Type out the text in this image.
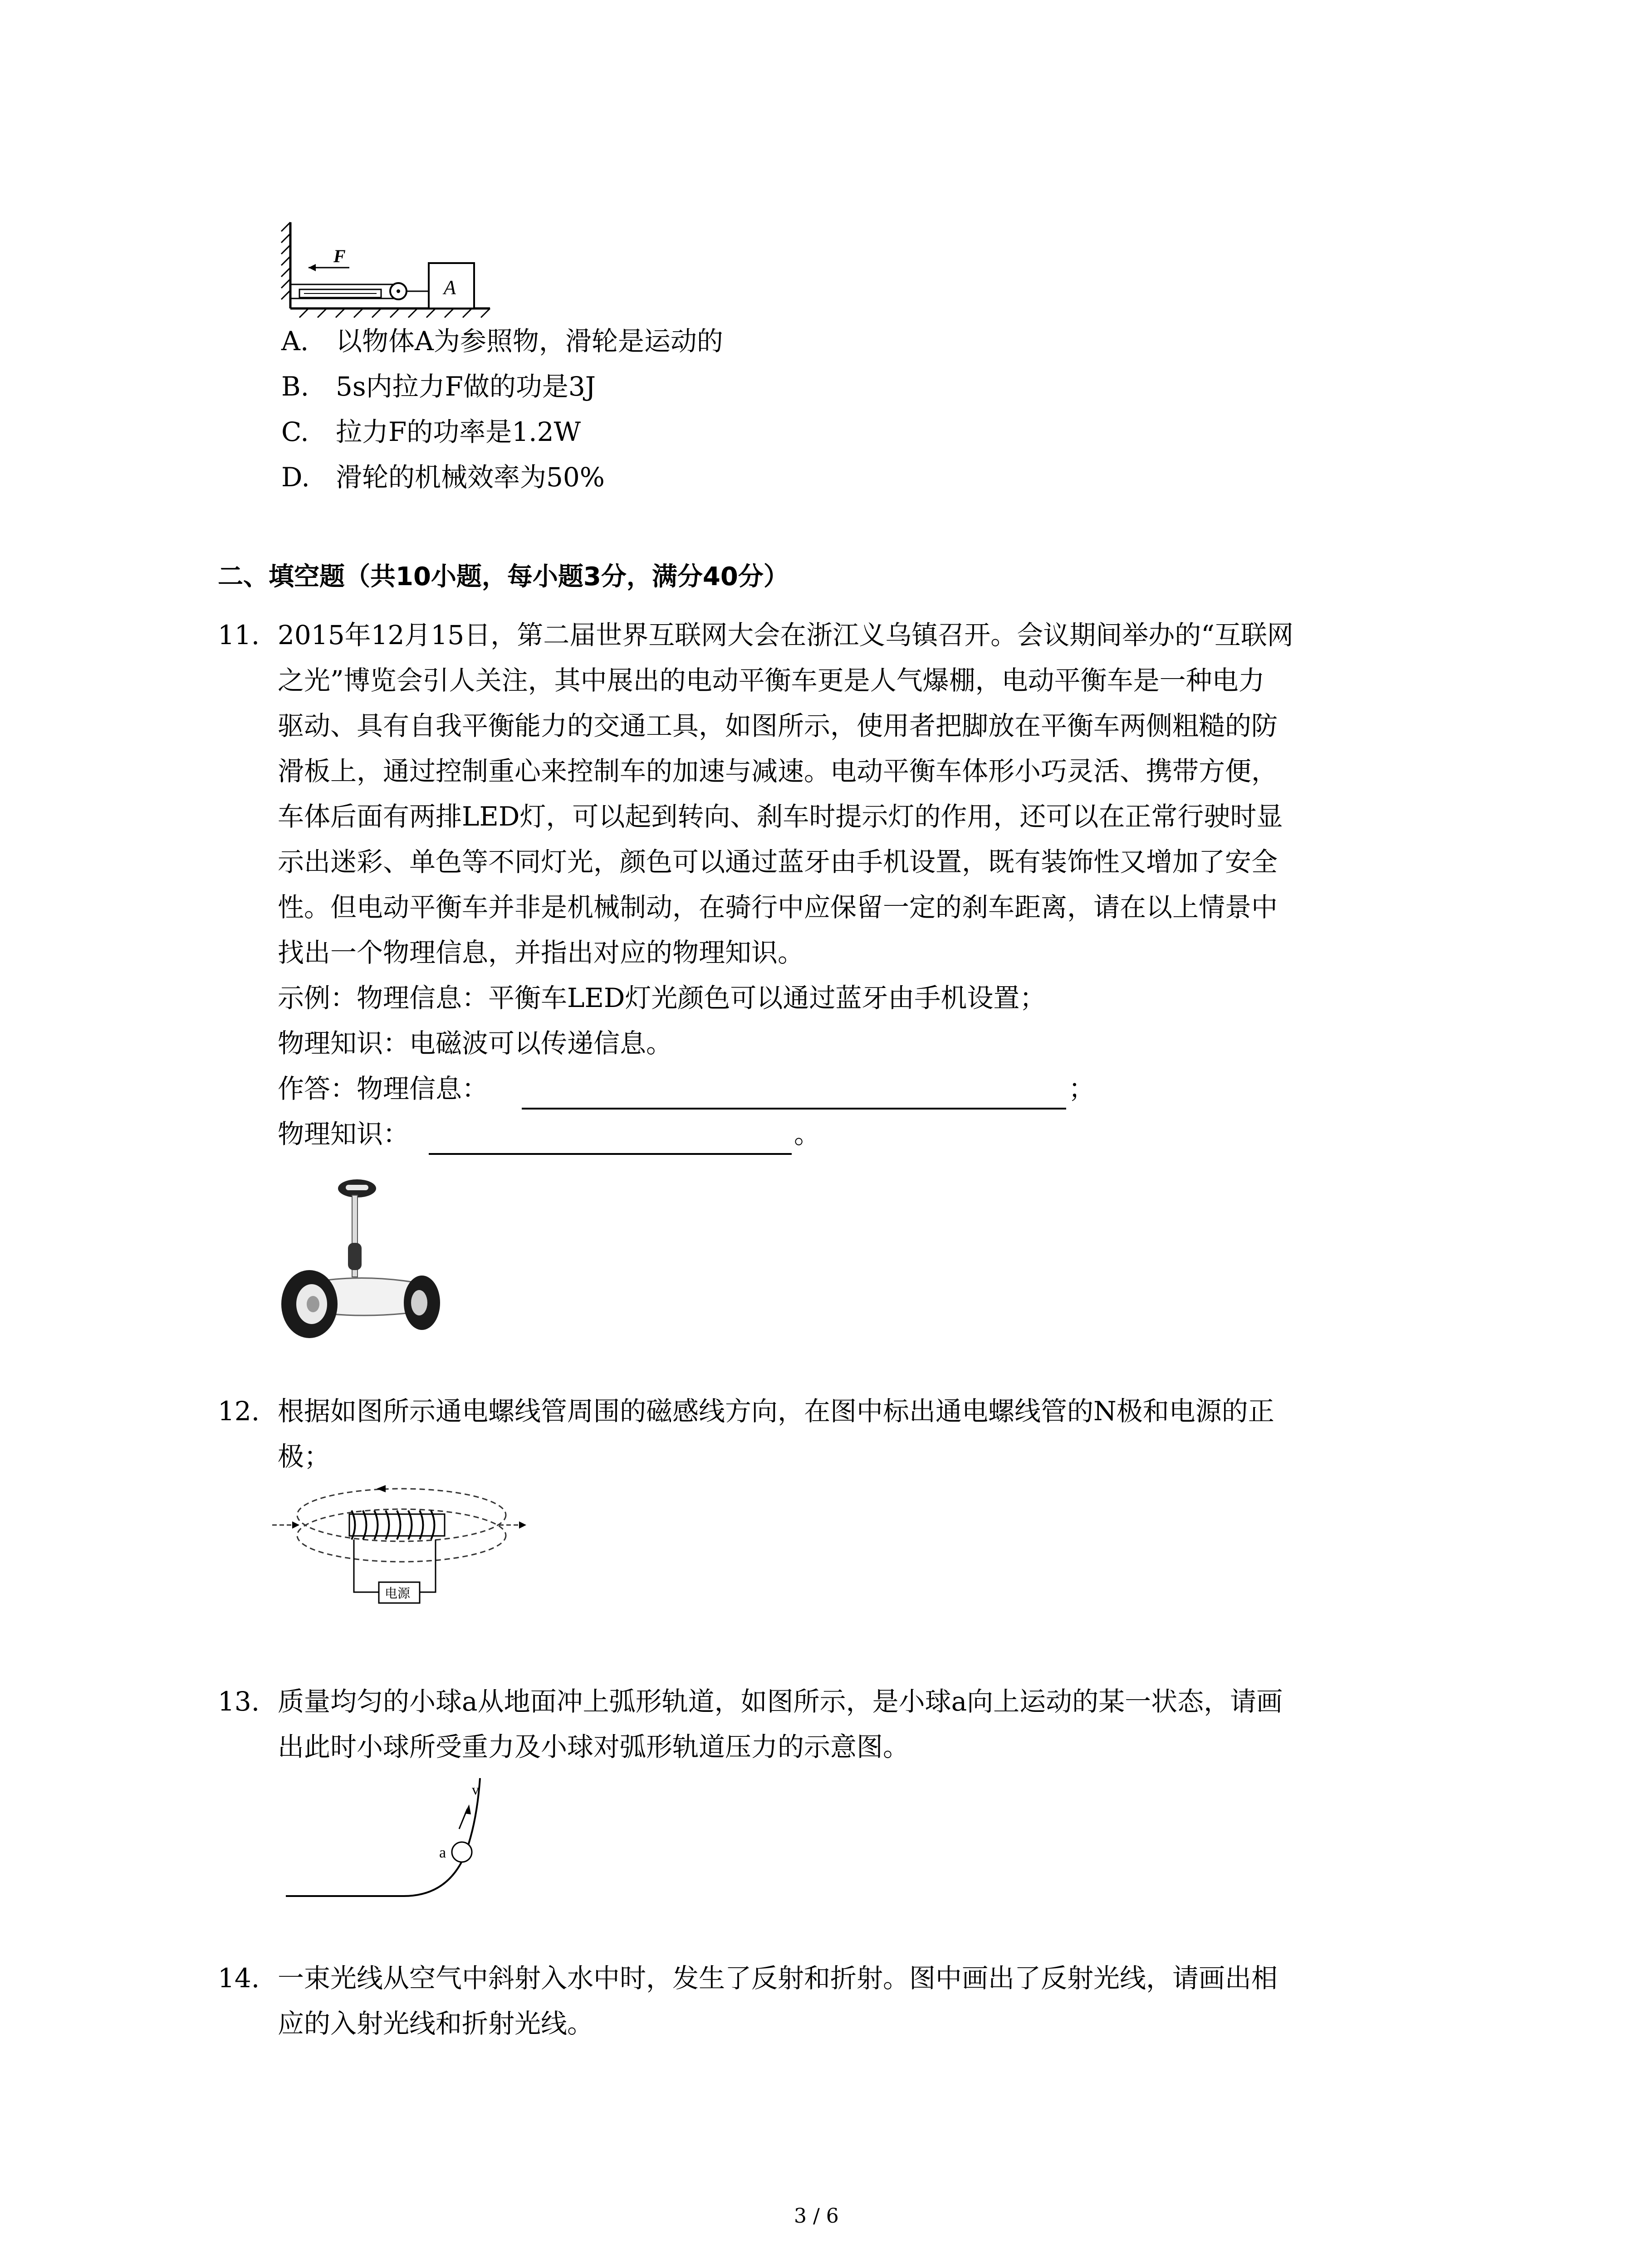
F
A
A. 以物体A为参照物，滑轮是运动的
B. 5s内拉力F做的功是3J
C. 拉力F的功率是1.2W
D. 滑轮的机械效率为50%
二、填空题（共10小题，每小题3分，满分40分）
11. 2015年12月15日，第二届世界互联网大会在浙江义乌镇召开。会议期间举办的“互联网
之光”博览会引人关注，其中展出的电动平衡车更是人气爆棚，电动平衡车是一种电力
驱动、具有自我平衡能力的交通工具，如图所示，使用者把脚放在平衡车两侧粗糙的防
滑板上，通过控制重心来控制车的加速与减速。电动平衡车体形小巧灵活、携带方便，
车体后面有两排LED灯，可以起到转向、刹车时提示灯的作用，还可以在正常行驶时显
示出迷彩、单色等不同灯光，颜色可以通过蓝牙由手机设置，既有装饰性又增加了安全
性。但电动平衡车并非是机械制动，在骑行中应保留一定的刹车距离，请在以上情景中
找出一个物理信息，并指出对应的物理知识。
示例：物理信息：平衡车LED灯光颜色可以通过蓝牙由手机设置；
物理知识：电磁波可以传递信息。
作答：物理信息：	；
物理知识：	。
12. 根据如图所示通电螺线管周围的磁感线方向，在图中标出通电螺线管的N极和电源的正
极；
电源
13. 质量均匀的小球a从地面冲上弧形轨道，如图所示，是小球a向上运动的某一状态，请画
出此时小球所受重力及小球对弧形轨道压力的示意图。
a
v
14. 一束光线从空气中斜射入水中时，发生了反射和折射。图中画出了反射光线，请画出相
应的入射光线和折射光线。
3 / 6
